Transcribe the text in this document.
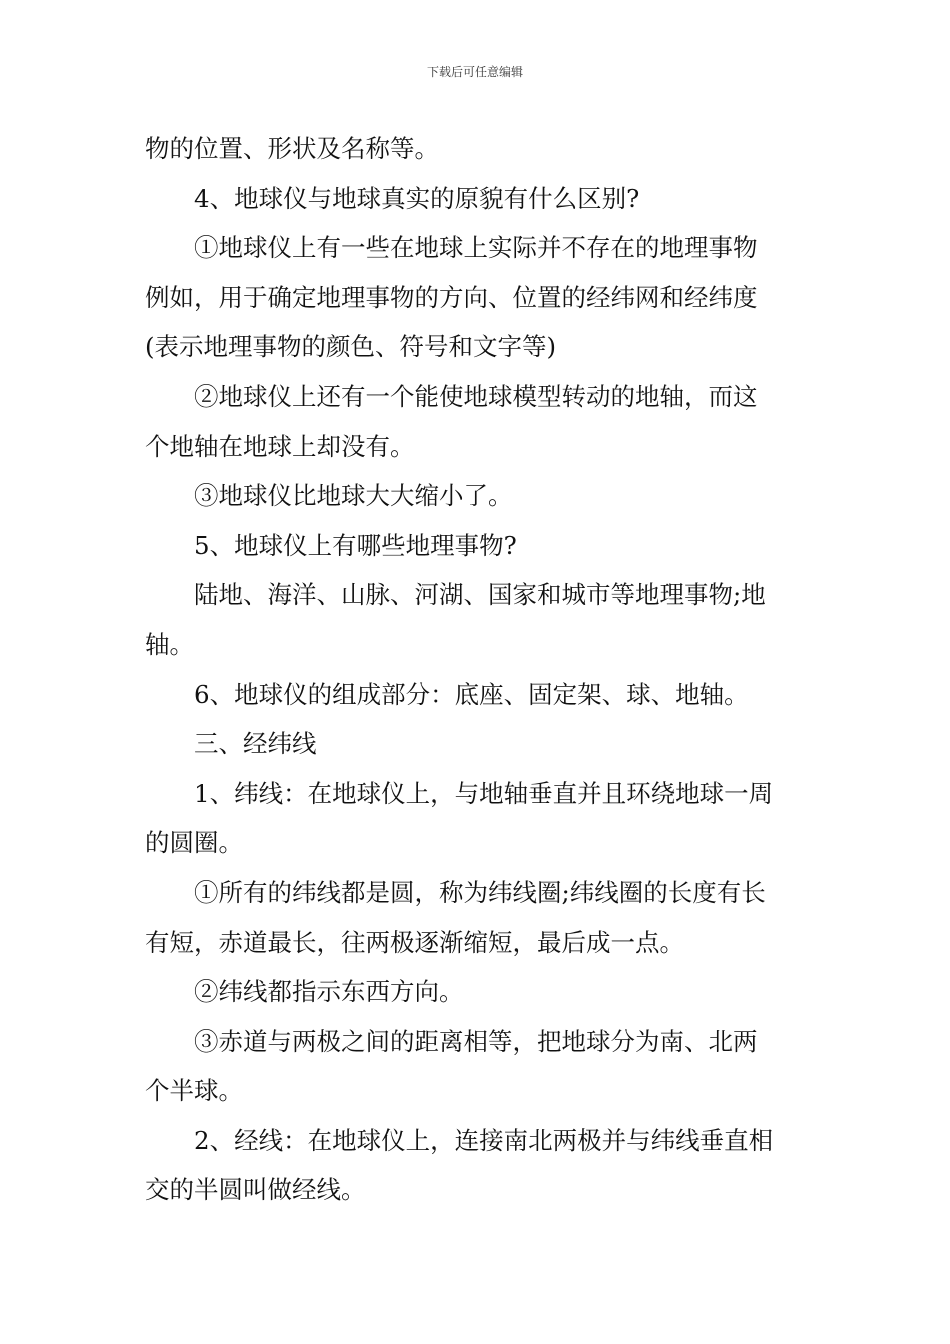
下载后可任意编辑
物的位置、形状及名称等。
4、地球仪与地球真实的原貌有什么区别?
①地球仪上有一些在地球上实际并不存在的地理事物
例如，用于确定地理事物的方向、位置的经纬网和经纬度
(表示地理事物的颜色、符号和文字等)
②地球仪上还有一个能使地球模型转动的地轴，而这
个地轴在地球上却没有。
③地球仪比地球大大缩小了。
5、地球仪上有哪些地理事物?
陆地、海洋、山脉、河湖、国家和城市等地理事物;地
轴。
6、地球仪的组成部分：底座、固定架、球、地轴。
三、经纬线
1、纬线：在地球仪上，与地轴垂直并且环绕地球一周
的圆圈。
①所有的纬线都是圆，称为纬线圈;纬线圈的长度有长
有短，赤道最长，往两极逐渐缩短，最后成一点。
②纬线都指示东西方向。
③赤道与两极之间的距离相等，把地球分为南、北两
个半球。
2、经线：在地球仪上，连接南北两极并与纬线垂直相
交的半圆叫做经线。
